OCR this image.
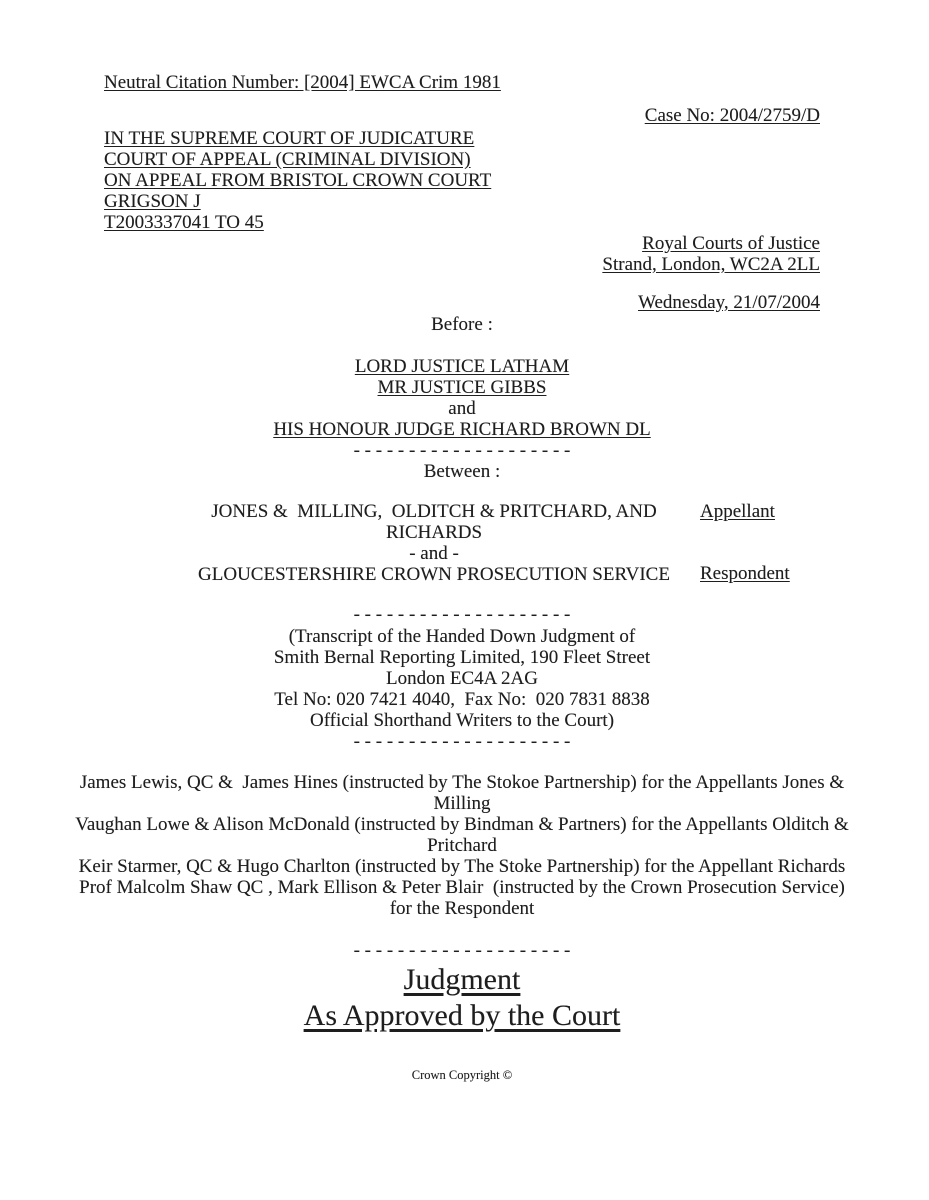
Neutral Citation Number: [2004] EWCA Crim 1981
Case No: 2004/2759/D
IN THE SUPREME COURT OF JUDICATURE
COURT OF APPEAL (CRIMINAL DIVISION)
ON APPEAL FROM BRISTOL CROWN COURT
GRIGSON J
T2003337041 TO 45
Royal Courts of Justice
Strand, London, WC2A 2LL
Wednesday, 21/07/2004
Before :
LORD JUSTICE LATHAM
MR JUSTICE GIBBS
and
HIS HONOUR JUDGE RICHARD BROWN DL
- - - - - - - - - - - - - - - - - - - -
Between :
JONES &  MILLING,  OLDITCH & PRITCHARD, AND
RICHARDS
- and -
GLOUCESTERSHIRE CROWN PROSECUTION SERVICE
Appellant
Respondent
- - - - - - - - - - - - - - - - - - - -
(Transcript of the Handed Down Judgment of
Smith Bernal Reporting Limited, 190 Fleet Street
London EC4A 2AG
Tel No: 020 7421 4040,  Fax No:  020 7831 8838
Official Shorthand Writers to the Court)
- - - - - - - - - - - - - - - - - - - -
James Lewis, QC &  James Hines (instructed by The Stokoe Partnership) for the Appellants Jones &
Milling
Vaughan Lowe & Alison McDonald (instructed by Bindman & Partners) for the Appellants Olditch &
Pritchard
Keir Starmer, QC & Hugo Charlton (instructed by The Stoke Partnership) for the Appellant Richards
Prof Malcolm Shaw QC , Mark Ellison & Peter Blair  (instructed by the Crown Prosecution Service)
for the Respondent
- - - - - - - - - - - - - - - - - - - -
Judgment
As Approved by the Court
Crown Copyright ©
